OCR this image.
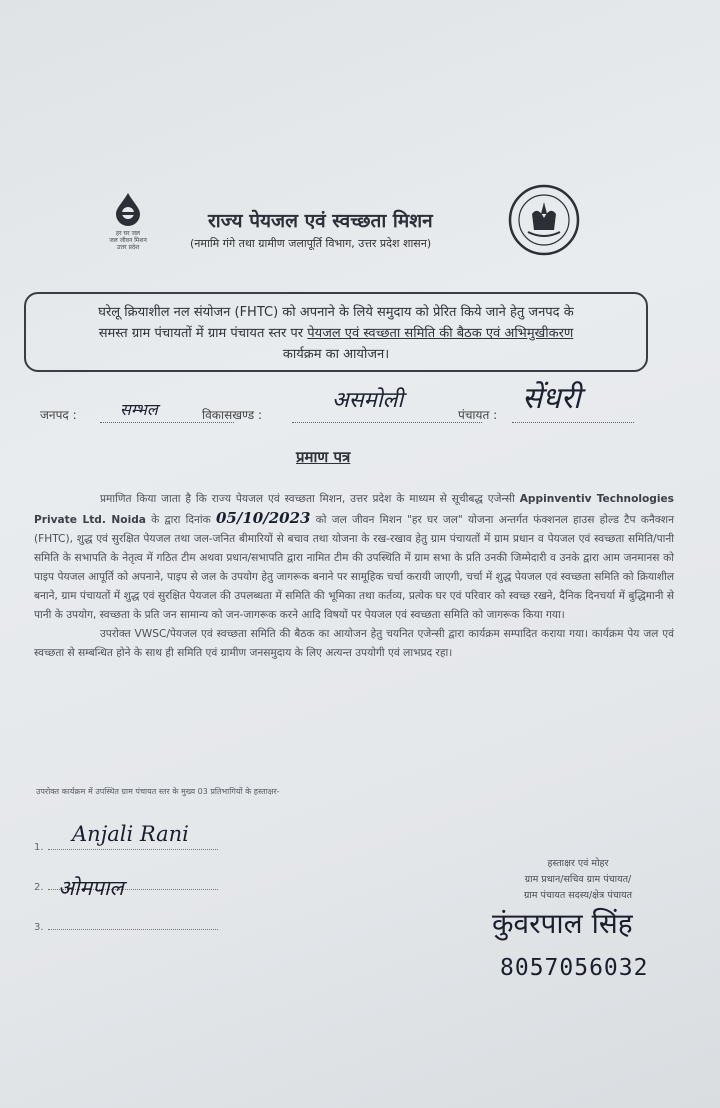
हर घर जल
जल जीवन मिशन
उत्तर प्रदेश
राज्य पेयजल एवं स्वच्छता मिशन
(नमामि गंगे तथा ग्रामीण जलापूर्ति विभाग, उत्तर प्रदेश शासन)
घरेलू क्रियाशील नल संयोजन (FHTC) को अपनाने के लिये समुदाय को प्रेरित किये जाने हेतु जनपद के
समस्त ग्राम पंचायतों में ग्राम पंचायत स्तर पर पेयजल एवं स्वच्छता समिति की बैठक एवं अभिमुखीकरण
कार्यक्रम का आयोजन।
जनपद :	सम्भल	विकासखण्ड :
असमोली
पंचायत : सेंधरी
प्रमाण पत्र

प्रमाणित किया जाता है कि राज्य पेयजल एवं स्वच्छता मिशन, उत्तर प्रदेश के माध्यम से सूचीबद्ध एजेन्सी Appinventiv Technologies Private Ltd. Noida के द्वारा दिनांक 05/10/2023 को जल जीवन मिशन "हर घर जल" योजना अन्तर्गत फंक्शनल हाउस होल्ड टैप कनैक्शन (FHTC), शुद्ध एवं सुरक्षित पेयजल तथा जल-जनित बीमारियों से बचाव तथा योजना के रख-रखाव हेतु ग्राम पंचायतों में ग्राम प्रधान व पेयजल एवं स्वच्छता समिति/पानी समिति के सभापति के नेतृत्व में गठित टीम अथवा प्रधान/सभापति द्वारा नामित टीम की उपस्थिति में ग्राम सभा के प्रति उनकी जिम्मेदारी व उनके द्वारा आम जनमानस को पाइप पेयजल आपूर्ति को अपनाने, पाइप से जल के उपयोग हेतु जागरूक बनाने पर सामूहिक चर्चा करायी जाएगी, चर्चा में शुद्ध पेयजल एवं स्वच्छता समिति को क्रियाशील बनाने, ग्राम पंचायतों में शुद्ध एवं सुरक्षित पेयजल की उपलब्धता में समिति की भूमिका तथा कर्तव्य, प्रत्येक घर एवं परिवार को स्वच्छ रखने, दैनिक दिनचर्या में बुद्धिमानी से पानी के उपयोग, स्वच्छता के प्रति जन सामान्य को जन-जागरूक करने आदि विषयों पर पेयजल एवं स्वच्छता समिति को जागरूक किया गया।

उपरोक्त VWSC/पेयजल एवं स्वच्छता समिति की बैठक का आयोजन हेतु चयनित एजेन्सी द्वारा कार्यक्रम सम्पादित कराया गया। कार्यक्रम पेय जल एवं स्वच्छता से सम्बन्धित होने के साथ ही समिति एवं ग्रामीण जनसमुदाय के लिए अत्यन्त उपयोगी एवं लाभप्रद रहा।

उपरोक्त कार्यक्रम में उपस्थित ग्राम पंचायत स्तर के मुख्य 03 प्रतिभागियों के हस्ताक्षर-
1.
Anjali Rani
2. ओमपाल
3.
हस्ताक्षर एवं मोहर
ग्राम प्रधान/सचिव ग्राम पंचायत/
ग्राम पंचायत सदस्य/क्षेत्र पंचायत
कुंवरपाल सिंह
8057056032
